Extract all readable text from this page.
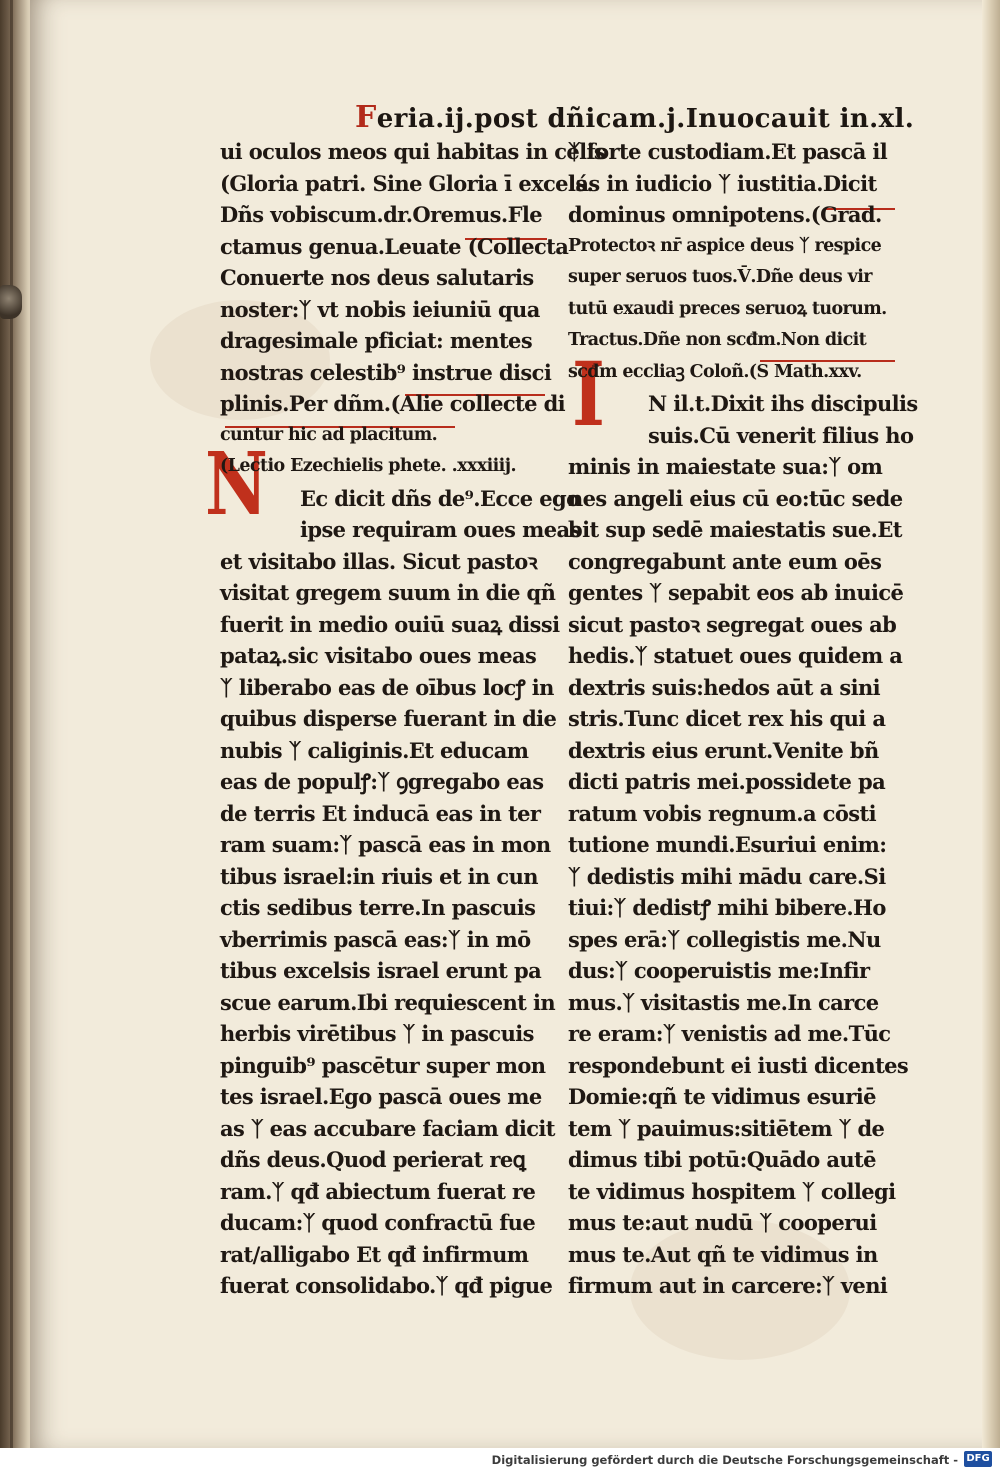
F eria.ij.post dñicam.j.Inuocauit in.xl.
N
I
ui oculos meos qui habitas in celis
(Gloria patri. Sine Gloria ī excelś.
Dñs vobiscum.dr.Oremus.Fle
ctamus genua.Leuate (Collecta
Conuerte nos deus salutaris
noster:ᛉ vt nobis ieiuniū qua
dragesimale pficiat: mentes
nostras celestib⁹ instrue disci
plinis.Per dñm.(Alie collecte di
cuntur hic ad placitum.
(Lectio Ezechielis phete. .xxxiiij.
Ec dicit dñs de⁹.Ecce ego
ipse requiram oues meas
et visitabo illas. Sicut pastoꝛ
visitat gregem suum in die qñ
fuerit in medio ouiū suaꝝ dissi
pataꝝ.sic visitabo oues meas
ᛉ liberabo eas de oībus locꝭ in
quibus disperse fuerant in die
nubis ᛉ caliginis.Et educam
eas de populꝭ:ᛉ ꝯgregabo eas
de terris Et inducā eas in ter
ram suam:ᛉ pascā eas in mon
tibus israel:in riuis et in cun
ctis sedibus terre.In pascuis
vberrimis pascā eas:ᛉ in mō
tibus excelsis israel erunt pa
scue earum.Ibi requiescent in
herbis virētibus ᛉ in pascuis
pinguib⁹ pascētur super mon
tes israel.Ego pascā oues me
as ᛉ eas accubare faciam dicit
dñs deus.Quod perierat reꝗ
ram.ᛉ qđ abiectum fuerat re
ducam:ᛉ quod confractū fue
rat/alligabo Et qđ infirmum
fuerat consolidabo.ᛉ qđ pigue
ᛉ forte custodiam.Et pascā il
las in iudicio ᛉ iustitia.Dicit
dominus omnipotens.(Grad.
Protectoꝛ nr̄ aspice deus ᛉ respice
super seruos tuos.V̄.Dñe deus vir
tutū exaudi preces seruoꝝ tuorum.
Tractus.Dñe non scđm.Non dicit
scđm eccliaꝫ Coloñ.(S Math.xxv.
N il.t.Dixit ihs discipulis
suis.Cū venerit filius ho
minis in maiestate sua:ᛉ om
nes angeli eius cū eo:tūc sede
bit sup sedē maiestatis sue.Et
congregabunt ante eum oēs
gentes ᛉ sepabit eos ab inuicē
sicut pastoꝛ segregat oues ab
hedis.ᛉ statuet oues quidem a
dextris suis:hedos aūt a sini
stris.Tunc dicet rex his qui a
dextris eius erunt.Venite bñ
dicti patris mei.possidete pa
ratum vobis regnum.a cōsti
tutione mundi.Esuriui enim:
ᛉ dedistis mihi mādu care.Si
tiui:ᛉ dedistꝭ mihi bibere.Ho
spes erā:ᛉ collegistis me.Nu
dus:ᛉ cooperuistis me:Infir
mus.ᛉ visitastis me.In carce
re eram:ᛉ venistis ad me.Tūc
respondebunt ei iusti dicentes
Domie:qñ te vidimus esuriē
tem ᛉ pauimus:sitiētem ᛉ de
dimus tibi potū:Quādo autē
te vidimus hospitem ᛉ collegi
mus te:aut nudū ᛉ cooperui
mus te.Aut qñ te vidimus in
firmum aut in carcere:ᛉ veni
Digitalisierung gefördert durch die Deutsche Forschungsgemeinschaft - DFG
